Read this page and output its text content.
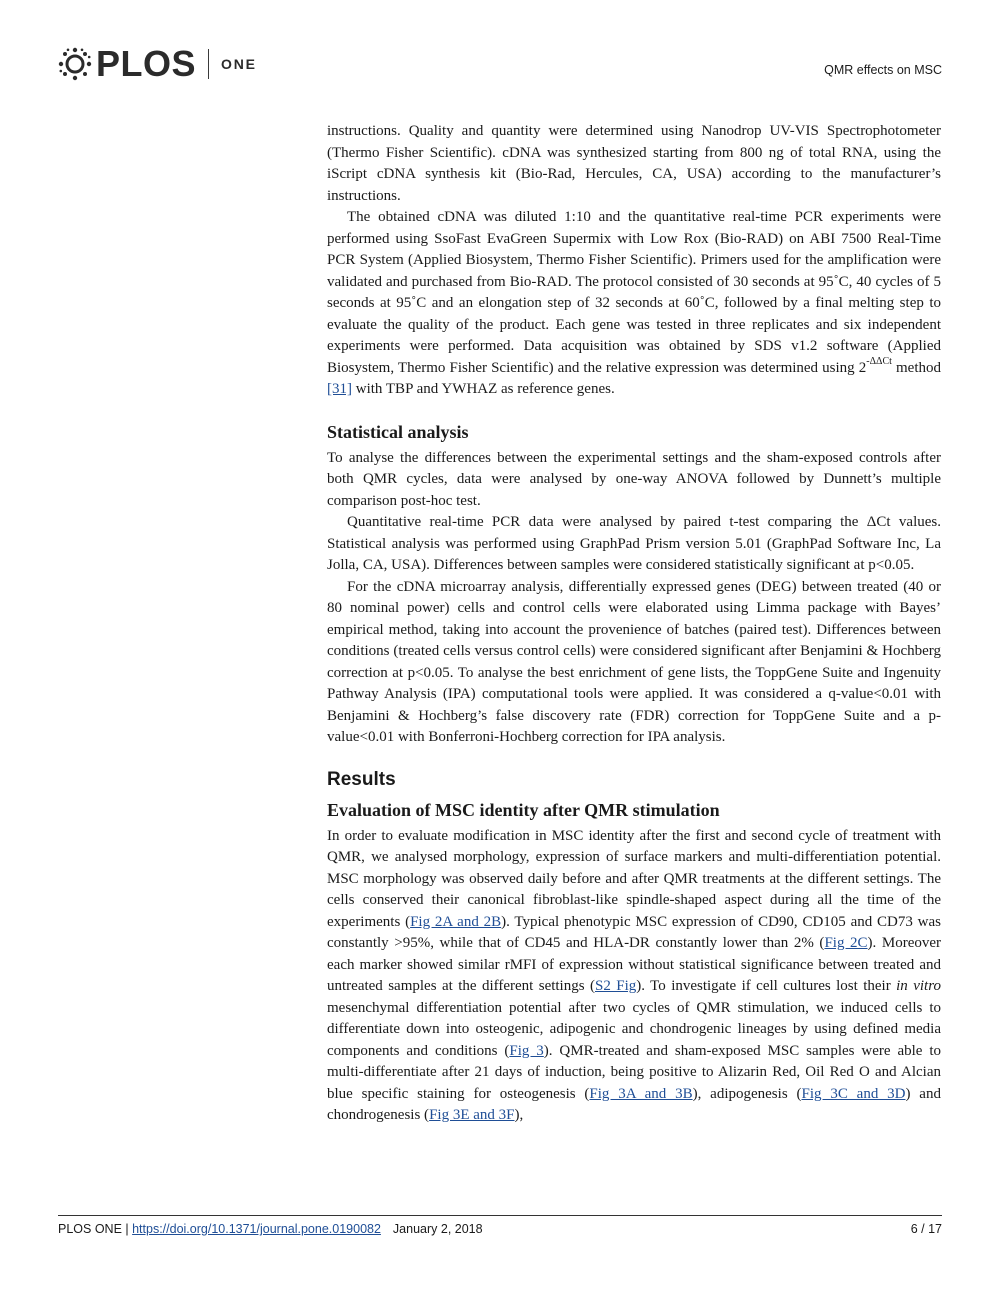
PLOS ONE	QMR effects on MSC

instructions. Quality and quantity were determined using Nanodrop UV-VIS Spectrophotometer (Thermo Fisher Scientific). cDNA was synthesized starting from 800 ng of total RNA, using the iScript cDNA synthesis kit (Bio-Rad, Hercules, CA, USA) according to the manufacturer’s instructions.

The obtained cDNA was diluted 1:10 and the quantitative real-time PCR experiments were performed using SsoFast EvaGreen Supermix with Low Rox (Bio-RAD) on ABI 7500 Real-Time PCR System (Applied Biosystem, Thermo Fisher Scientific). Primers used for the amplification were validated and purchased from Bio-RAD. The protocol consisted of 30 seconds at 95˚C, 40 cycles of 5 seconds at 95˚C and an elongation step of 32 seconds at 60˚C, followed by a final melting step to evaluate the quality of the product. Each gene was tested in three replicates and six independent experiments were performed. Data acquisition was obtained by SDS v1.2 software (Applied Biosystem, Thermo Fisher Scientific) and the relative expression was determined using $2^{-\Delta\Delta Ct}$ method [31] with TBP and YWHAZ as reference genes.

Statistical analysis

To analyse the differences between the experimental settings and the sham-exposed controls after both QMR cycles, data were analysed by one-way ANOVA followed by Dunnett’s multiple comparison post-hoc test.

Quantitative real-time PCR data were analysed by paired t-test comparing the ΔCt values. Statistical analysis was performed using GraphPad Prism version 5.01 (GraphPad Software Inc, La Jolla, CA, USA). Differences between samples were considered statistically significant at p<0.05.

For the cDNA microarray analysis, differentially expressed genes (DEG) between treated (40 or 80 nominal power) cells and control cells were elaborated using Limma package with Bayes’ empirical method, taking into account the provenience of batches (paired test). Differences between conditions (treated cells versus control cells) were considered significant after Benjamini & Hochberg correction at p<0.05. To analyse the best enrichment of gene lists, the ToppGene Suite and Ingenuity Pathway Analysis (IPA) computational tools were applied. It was considered a q-value<0.01 with Benjamini & Hochberg’s false discovery rate (FDR) correction for ToppGene Suite and a p-value<0.01 with Bonferroni-Hochberg correction for IPA analysis.

Results
Evaluation of MSC identity after QMR stimulation

In order to evaluate modification in MSC identity after the first and second cycle of treatment with QMR, we analysed morphology, expression of surface markers and multi-differentiation potential. MSC morphology was observed daily before and after QMR treatments at the different settings. The cells conserved their canonical fibroblast-like spindle-shaped aspect during all the time of the experiments (Fig 2A and 2B). Typical phenotypic MSC expression of CD90, CD105 and CD73 was constantly >95%, while that of CD45 and HLA-DR constantly lower than 2% (Fig 2C). Moreover each marker showed similar rMFI of expression without statistical significance between treated and untreated samples at the different settings (S2 Fig). To investigate if cell cultures lost their in vitro mesenchymal differentiation potential after two cycles of QMR stimulation, we induced cells to differentiate down into osteogenic, adipogenic and chondrogenic lineages by using defined media components and conditions (Fig 3). QMR-treated and sham-exposed MSC samples were able to multi-differentiate after 21 days of induction, being positive to Alizarin Red, Oil Red O and Alcian blue specific staining for osteogenesis (Fig 3A and 3B), adipogenesis (Fig 3C and 3D) and chondrogenesis (Fig 3E and 3F),

PLOS ONE | https://doi.org/10.1371/journal.pone.0190082 January 2, 2018	6 / 17
